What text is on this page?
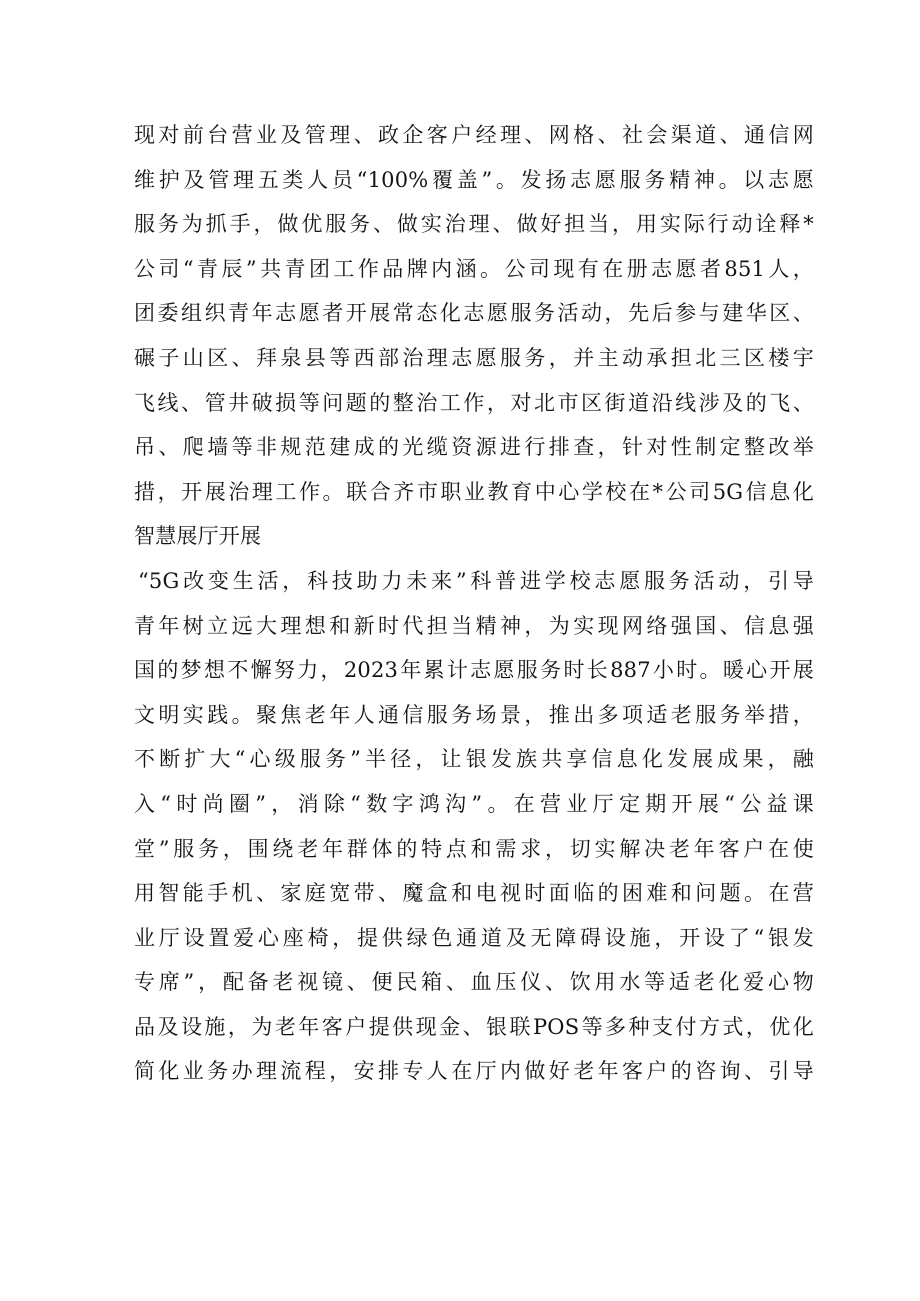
现对前台营业及管理、政企客户经理、网格、社会渠道、通信网
维护及管理五类人员“100%覆盖”。发扬志愿服务精神。以志愿
服务为抓手，做优服务、做实治理、做好担当，用实际行动诠释*
公司“青辰”共青团工作品牌内涵。公司现有在册志愿者851人，
团委组织青年志愿者开展常态化志愿服务活动，先后参与建华区、
碾子山区、拜泉县等西部治理志愿服务，并主动承担北三区楼宇
飞线、管井破损等问题的整治工作，对北市区街道沿线涉及的飞、
吊、爬墙等非规范建成的光缆资源进行排查，针对性制定整改举
措，开展治理工作。联合齐市职业教育中心学校在*公司5G信息化
智慧展厅开展
“5G改变生活，科技助力未来”科普进学校志愿服务活动，引导
青年树立远大理想和新时代担当精神，为实现网络强国、信息强
国的梦想不懈努力，2023年累计志愿服务时长887小时。暖心开展
文明实践。聚焦老年人通信服务场景，推出多项适老服务举措，
不断扩大“心级服务”半径，让银发族共享信息化发展成果，融
入“时尚圈”，消除“数字鸿沟”。在营业厅定期开展“公益课
堂”服务，围绕老年群体的特点和需求，切实解决老年客户在使
用智能手机、家庭宽带、魔盒和电视时面临的困难和问题。在营
业厅设置爱心座椅，提供绿色通道及无障碍设施，开设了“银发
专席”，配备老视镜、便民箱、血压仪、饮用水等适老化爱心物
品及设施，为老年客户提供现金、银联POS等多种支付方式，优化
简化业务办理流程，安排专人在厅内做好老年客户的咨询、引导
